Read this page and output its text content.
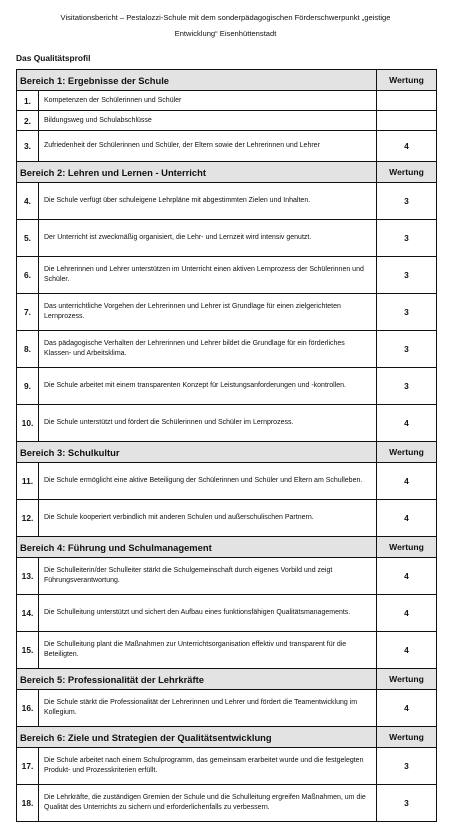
Visitationsbericht – Pestalozzi-Schule mit dem sonderpädagogischen Förderschwerpunkt „geistige
Entwicklung“ Eisenhüttenstadt
Das Qualitätsprofil
Bereich 1: Ergebnisse der Schule		Wertung
1.	Kompetenzen der Schülerinnen und Schüler	
2.	Bildungsweg und Schulabschlüsse	
3.	Zufriedenheit der Schülerinnen und Schüler, der Eltern sowie der Lehrerinnen und Lehrer	4
Bereich 2: Lehren und Lernen - Unterricht		Wertung
4.	Die Schule verfügt über schuleigene Lehrpläne mit abgestimmten Zielen und Inhalten.	3
5.	Der Unterricht ist zweckmäßig organisiert, die Lehr- und Lernzeit wird intensiv genutzt.	3
6.	Die Lehrerinnen und Lehrer unterstützen im Unterricht einen aktiven Lernprozess der Schülerinnen und Schüler.	3
7.	Das unterrichtliche Vorgehen der Lehrerinnen und Lehrer ist Grundlage für einen zielgerichteten Lernprozess.	3
8.	Das pädagogische Verhalten der Lehrerinnen und Lehrer bildet die Grundlage für ein förderliches Klassen- und Arbeitsklima.	3
9.	Die Schule arbeitet mit einem transparenten Konzept für Leistungsanforderungen und -kontrollen.	3
10.	Die Schule unterstützt und fördert die Schülerinnen und Schüler im Lernprozess.	4
Bereich 3: Schulkultur		Wertung
11.	Die Schule ermöglicht eine aktive Beteiligung der Schülerinnen und Schüler und Eltern am Schulleben.	4
12.	Die Schule kooperiert verbindlich mit anderen Schulen und außerschulischen Partnern.	4
Bereich 4: Führung und Schulmanagement		Wertung
13.	Die Schulleiterin/der Schulleiter stärkt die Schulgemeinschaft durch eigenes Vorbild und zeigt Führungsverantwortung.	4
14.	Die Schulleitung unterstützt und sichert den Aufbau eines funktionsfähigen Qualitätsmanagements.	4
15.	Die Schulleitung plant die Maßnahmen zur Unterrichtsorganisation effektiv und transparent für die Beteiligten.	4
Bereich 5: Professionalität der Lehrkräfte		Wertung
16.	Die Schule stärkt die Professionalität der Lehrerinnen und Lehrer und fördert die Teamentwicklung im Kollegium.	4
Bereich 6: Ziele und Strategien der Qualitätsentwicklung		Wertung
17.	Die Schule arbeitet nach einem Schulprogramm, das gemeinsam erarbeitet wurde und die festgelegten Produkt- und Prozesskriterien erfüllt.	3
18.	Die Lehrkräfte, die zuständigen Gremien der Schule und die Schulleitung ergreifen Maßnahmen, um die Qualität des Unterrichts zu sichern und erforderlichenfalls zu verbessern.	3
